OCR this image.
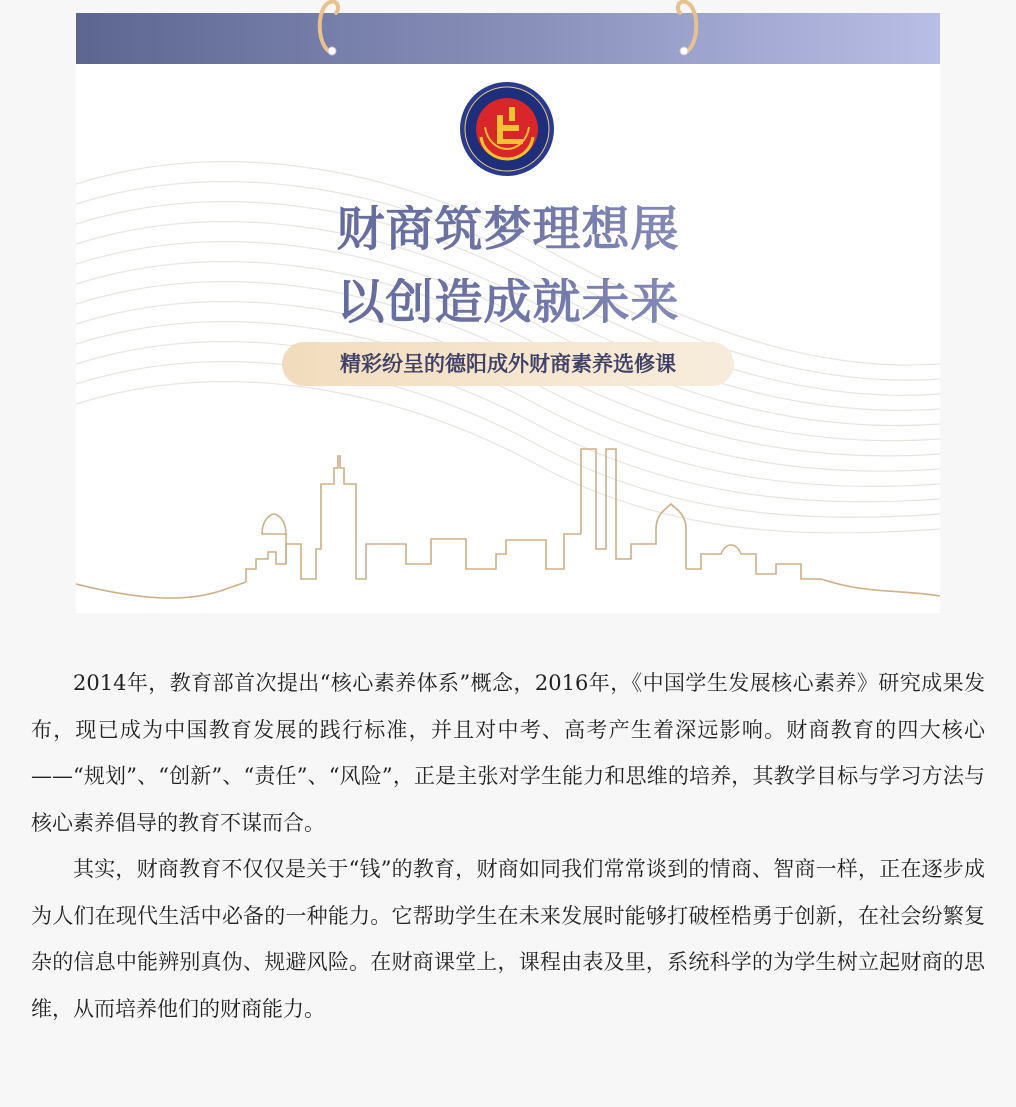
财商筑梦理想展
以创造成就未来
精彩纷呈的德阳成外财商素养选修课

2014年，教育部首次提出“核心素养体系”概念，2016年，《中国学生发展核心素养》研究成果发布，现已成为中国教育发展的践行标准，并且对中考、高考产生着深远影响。财商教育的四大核心——“规划”、“创新”、“责任”、“风险”，正是主张对学生能力和思维的培养，其教学目标与学习方法与核心素养倡导的教育不谋而合。

其实，财商教育不仅仅是关于“钱”的教育，财商如同我们常常谈到的情商、智商一样，正在逐步成为人们在现代生活中必备的一种能力。它帮助学生在未来发展时能够打破桎梏勇于创新，在社会纷繁复杂的信息中能辨别真伪、规避风险。在财商课堂上，课程由表及里，系统科学的为学生树立起财商的思维，从而培养他们的财商能力。
